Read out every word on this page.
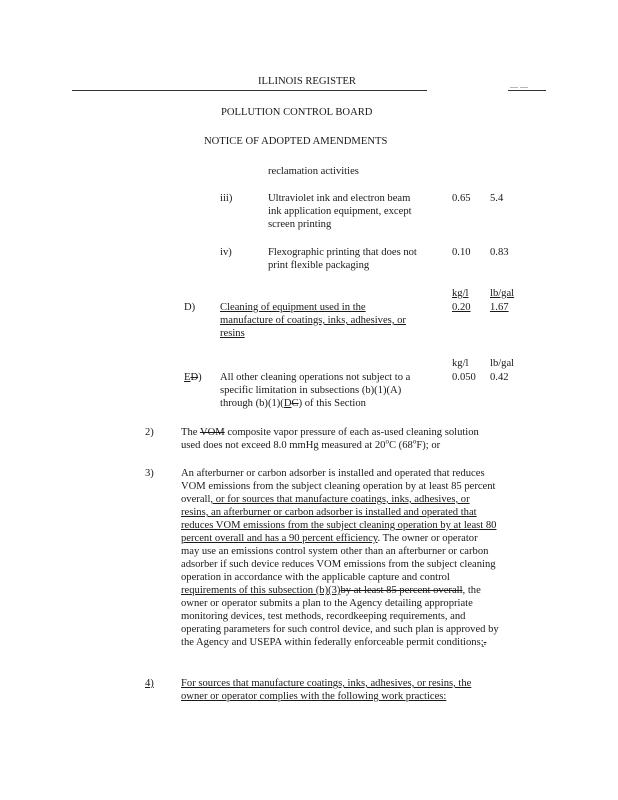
ILLINOIS REGISTER	— —
POLLUTION CONTROL BOARD
NOTICE OF ADOPTED AMENDMENTS
reclamation activities
iii)	Ultraviolet ink and electron beam
ink application equipment, except
screen printing
0.65 5.4
iv)	Flexographic printing that does not
print flexible packaging
0.10 0.83
kg/l lb/gal
D) Cleaning of equipment used in the
manufacture of coatings, inks, adhesives, or
resins
0.20 1.67
kg/l lb/gal
ED) All other cleaning operations not subject to a
specific limitation in subsections (b)(1)(A)
through (b)(1)(DC) of this Section
0.050 0.42
2)	The VOM composite vapor pressure of each as-used cleaning solution
used does not exceed 8.0 mmHg measured at 20$^o$C (68$^o$F); or
3)	An afterburner or carbon adsorber is installed and operated that reduces
VOM emissions from the subject cleaning operation by at least 85 percent
overall, or for sources that manufacture coatings, inks, adhesives, or
resins, an afterburner or carbon adsorber is installed and operated that
reduces VOM emissions from the subject cleaning operation by at least 80
percent overall and has a 90 percent efficiency. The owner or operator
may use an emissions control system other than an afterburner or carbon
adsorber if such device reduces VOM emissions from the subject cleaning
operation in accordance with the applicable capture and control
requirements of this subsection (b)(3)by at least 85 percent overall, the
owner or operator submits a plan to the Agency detailing appropriate
monitoring devices, test methods, recordkeeping requirements, and
operating parameters for such control device, and such plan is approved by
the Agency and USEPA within federally enforceable permit conditions;.
4)	For sources that manufacture coatings, inks, adhesives, or resins, the
owner or operator complies with the following work practices:
